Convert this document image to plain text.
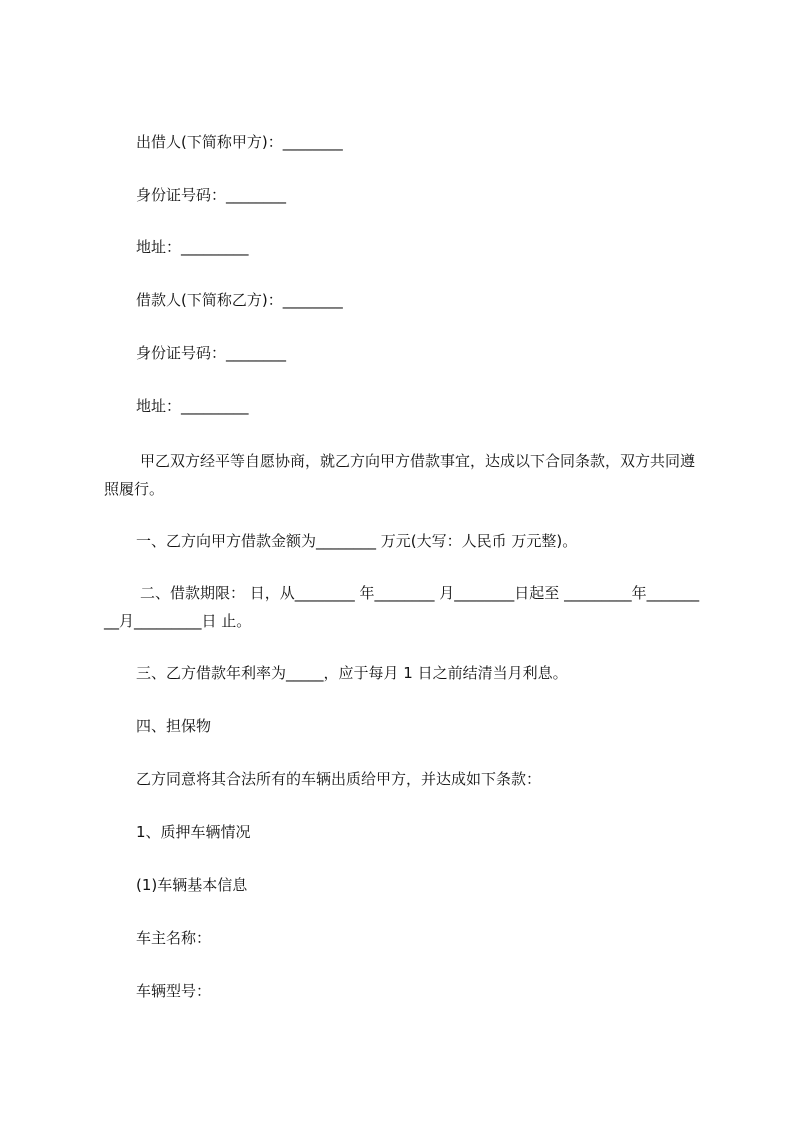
出借人(下简称甲方)：________

身份证号码：________

地址：_________

借款人(下简称乙方)：________

身份证号码：________

地址：_________

甲乙双方经平等自愿协商，就乙方向甲方借款事宜，达成以下合同条款，双方共同遵照履行。

一、乙方向甲方借款金额为________ 万元(大写：人民币 万元整)。

二、借款期限： 日，从________ 年________ 月________日起至 _________年_________月_________日 止。

三、乙方借款年利率为_____，应于每月 1 日之前结清当月利息。

四、担保物

乙方同意将其合法所有的车辆出质给甲方，并达成如下条款：

1、质押车辆情况

(1)车辆基本信息

车主名称：

车辆型号：
